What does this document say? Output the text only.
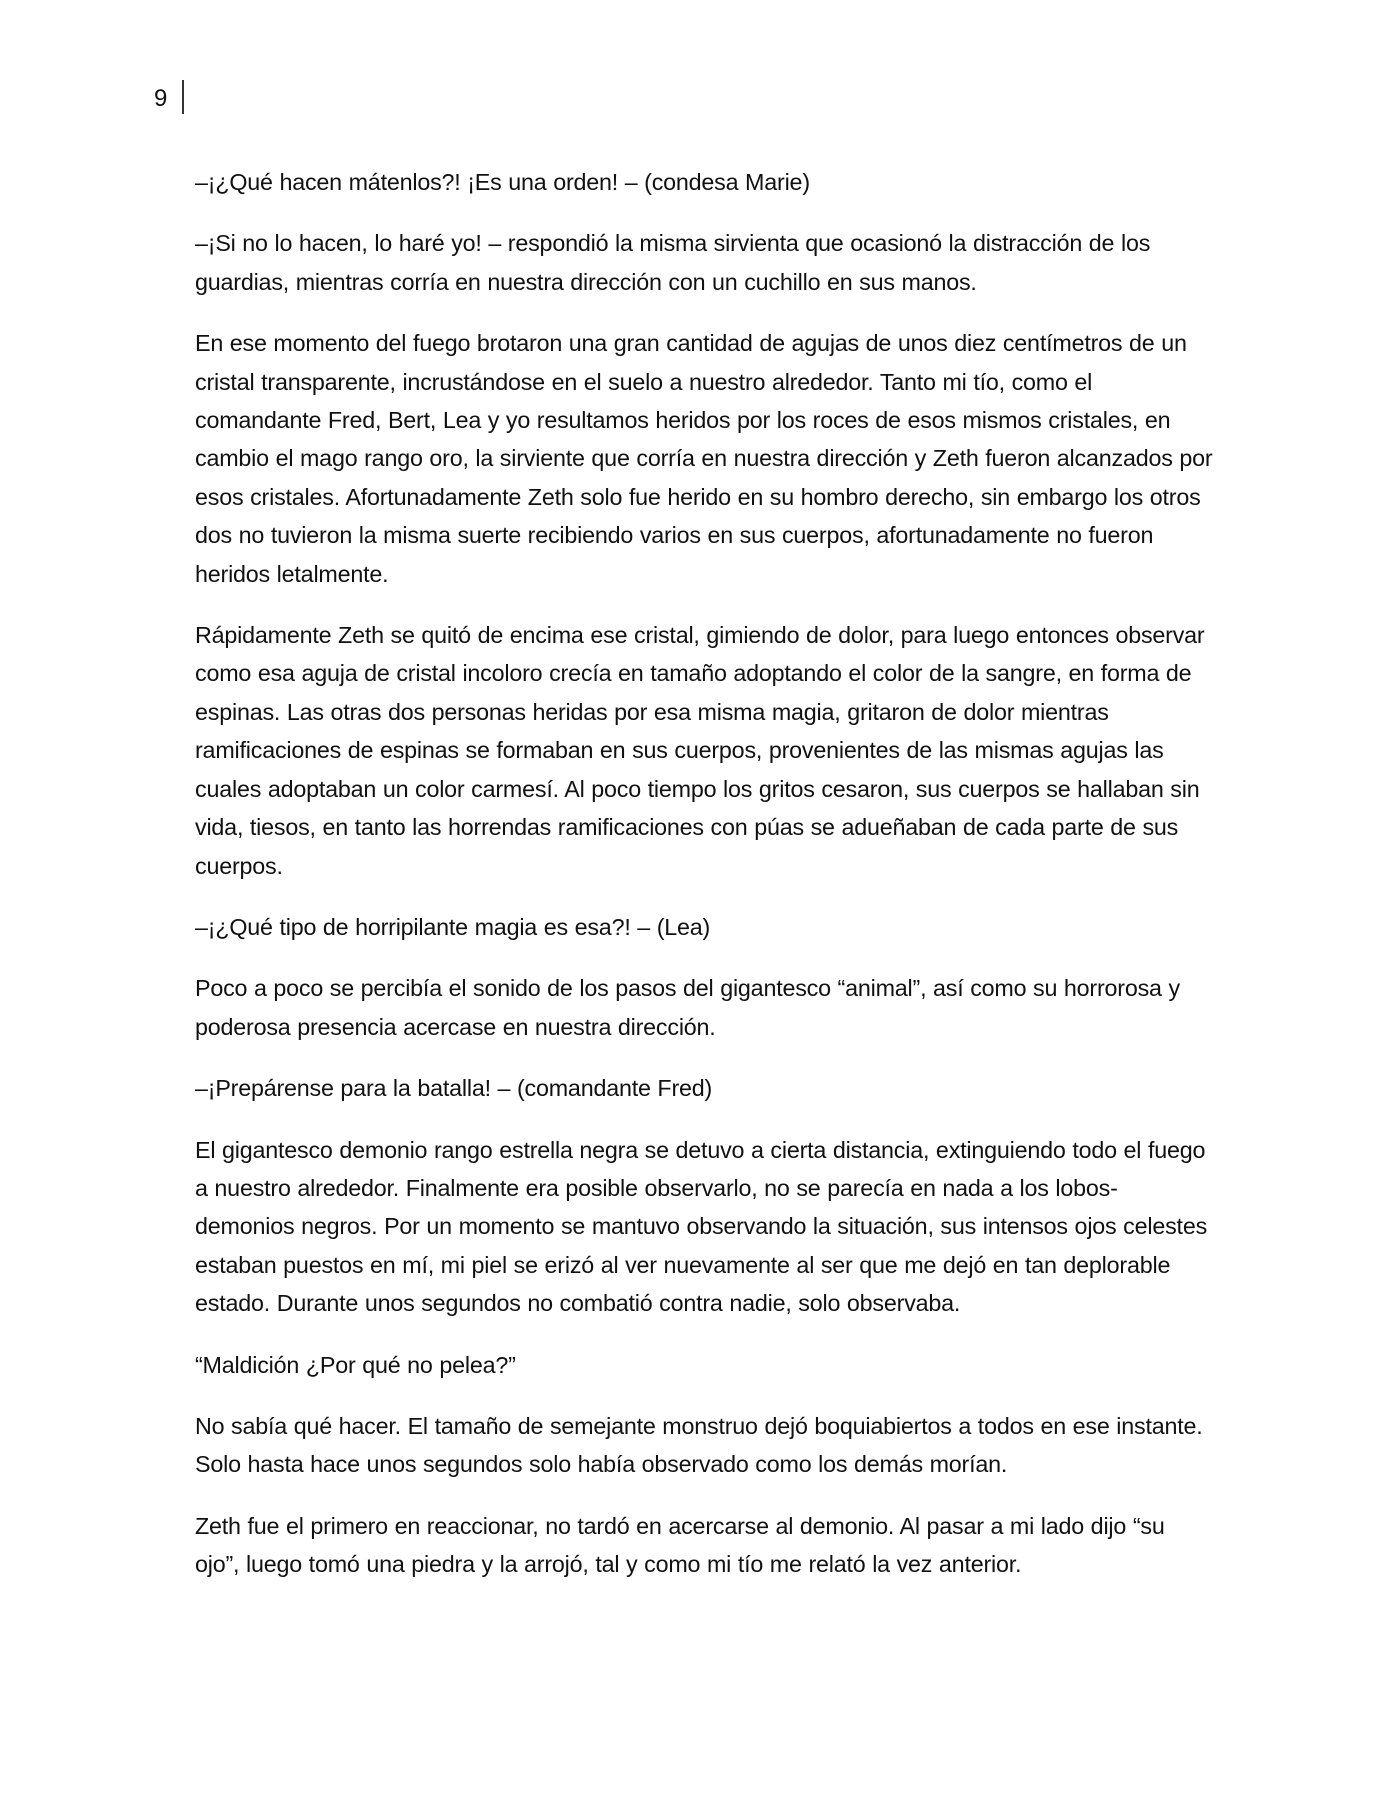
9

–¡¿Qué hacen mátenlos?! ¡Es una orden! – (condesa Marie)

–¡Si no lo hacen, lo haré yo! – respondió la misma sirvienta que ocasionó la distracción de los guardias, mientras corría en nuestra dirección con un cuchillo en sus manos.

En ese momento del fuego brotaron una gran cantidad de agujas de unos diez centímetros de un cristal transparente, incrustándose en el suelo a nuestro alrededor. Tanto mi tío, como el comandante Fred, Bert, Lea y yo resultamos heridos por los roces de esos mismos cristales, en cambio el mago rango oro, la sirviente que corría en nuestra dirección y Zeth fueron alcanzados por esos cristales. Afortunadamente Zeth solo fue herido en su hombro derecho, sin embargo los otros dos no tuvieron la misma suerte recibiendo varios en sus cuerpos, afortunadamente no fueron heridos letalmente.

Rápidamente Zeth se quitó de encima ese cristal, gimiendo de dolor, para luego entonces observar como esa aguja de cristal incoloro crecía en tamaño adoptando el color de la sangre, en forma de espinas. Las otras dos personas heridas por esa misma magia, gritaron de dolor mientras ramificaciones de espinas se formaban en sus cuerpos, provenientes de las mismas agujas las cuales adoptaban un color carmesí. Al poco tiempo los gritos cesaron, sus cuerpos se hallaban sin vida, tiesos, en tanto las horrendas ramificaciones con púas se adueñaban de cada parte de sus cuerpos.

–¡¿Qué tipo de horripilante magia es esa?! – (Lea)

Poco a poco se percibía el sonido de los pasos del gigantesco “animal”, así como su horrorosa y poderosa presencia acercase en nuestra dirección.

–¡Prepárense para la batalla! – (comandante Fred)

El gigantesco demonio rango estrella negra se detuvo a cierta distancia, extinguiendo todo el fuego a nuestro alrededor. Finalmente era posible observarlo, no se parecía en nada a los lobos-demonios negros. Por un momento se mantuvo observando la situación, sus intensos ojos celestes estaban puestos en mí, mi piel se erizó al ver nuevamente al ser que me dejó en tan deplorable estado. Durante unos segundos no combatió contra nadie, solo observaba.

“Maldición ¿Por qué no pelea?”

No sabía qué hacer. El tamaño de semejante monstruo dejó boquiabiertos a todos en ese instante. Solo hasta hace unos segundos solo había observado como los demás morían.

Zeth fue el primero en reaccionar, no tardó en acercarse al demonio. Al pasar a mi lado dijo “su ojo”, luego tomó una piedra y la arrojó, tal y como mi tío me relató la vez anterior.
